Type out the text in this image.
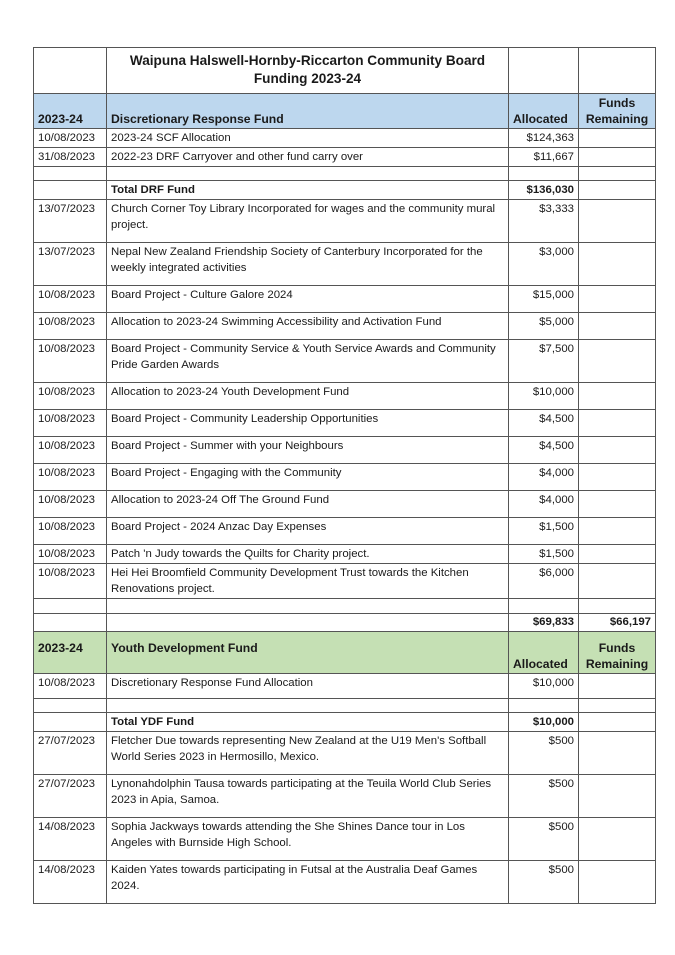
	Waipuna Halswell-Hornby-Riccarton Community Board
Funding 2023-24		

2023-24	Discretionary Response Fund	Allocated	Funds
Remaining

10/08/2023	2023-24 SCF Allocation	$124,363	
31/08/2023	2022-23 DRF Carryover and other fund carry over	$11,667	

	Total DRF Fund	$136,030	
13/07/2023	Church Corner Toy Library Incorporated for wages and the community mural project.	$3,333	
13/07/2023	Nepal New Zealand Friendship Society of Canterbury Incorporated for the weekly integrated activities	$3,000	
10/08/2023	Board Project - Culture Galore 2024	$15,000	
10/08/2023	Allocation to 2023-24 Swimming Accessibility and Activation Fund	$5,000	
10/08/2023	Board Project - Community Service & Youth Service Awards and Community Pride Garden Awards	$7,500	
10/08/2023	Allocation to 2023-24 Youth Development Fund	$10,000	
10/08/2023	Board Project - Community Leadership Opportunities	$4,500	
10/08/2023	Board Project - Summer with your Neighbours	$4,500	
10/08/2023	Board Project - Engaging with the Community	$4,000	
10/08/2023	Allocation to 2023-24 Off The Ground Fund	$4,000	
10/08/2023	Board Project - 2024 Anzac Day Expenses	$1,500	
10/08/2023	Patch 'n Judy towards the Quilts for Charity project.	$1,500	
10/08/2023	Hei Hei Broomfield Community Development Trust towards the Kitchen Renovations project.	$6,000	

		$69,833	$66,197
2023-24	Youth Development Fund	Allocated	Funds
Remaining

10/08/2023	Discretionary Response Fund Allocation	$10,000	

	Total YDF Fund	$10,000	
27/07/2023	Fletcher Due towards representing New Zealand at the U19 Men's Softball World Series 2023 in Hermosillo, Mexico.	$500	
27/07/2023	Lynonahdolphin Tausa towards participating at the Teuila World Club Series 2023 in Apia, Samoa.	$500	
14/08/2023	Sophia Jackways towards attending the She Shines Dance tour in Los Angeles with Burnside High School.	$500	
14/08/2023	Kaiden Yates towards participating in Futsal at the Australia Deaf Games 2024.	$500	
